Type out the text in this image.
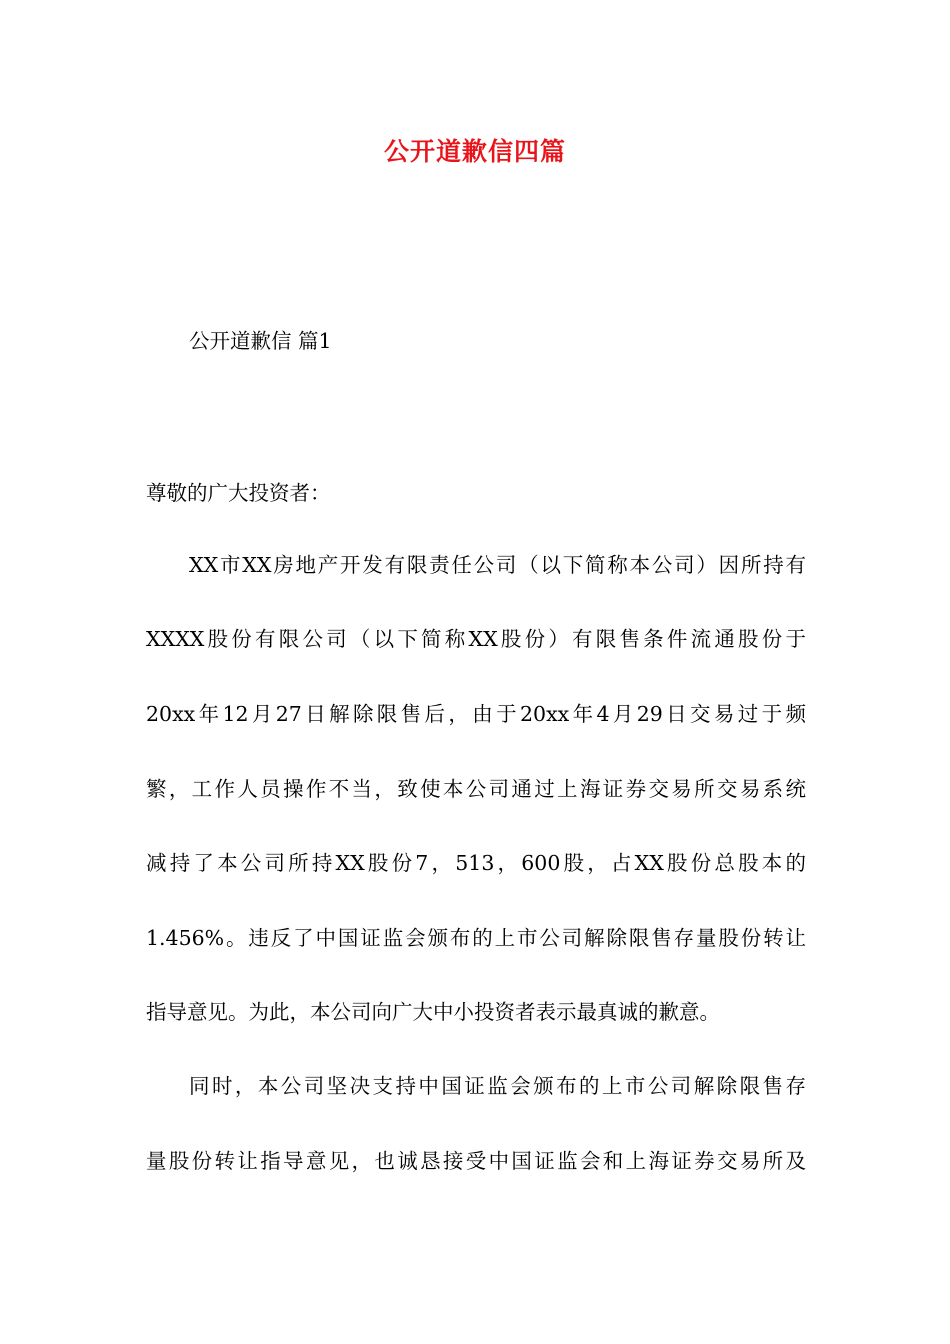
公开道歉信四篇
公开道歉信 篇1
尊敬的广大投资者：
XX市XX房地产开发有限责任公司（以下简称本公司）因所持有
XXXX股份有限公司（以下简称XX股份）有限售条件流通股份于
20xx年12月27日解除限售后，由于20xx年4月29日交易过于频
繁，工作人员操作不当，致使本公司通过上海证券交易所交易系统
减持了本公司所持XX股份7，513，600股，占XX股份总股本的
1.456%。违反了中国证监会颁布的上市公司解除限售存量股份转让
指导意见。为此，本公司向广大中小投资者表示最真诚的歉意。
同时，本公司坚决支持中国证监会颁布的上市公司解除限售存
量股份转让指导意见，也诚恳接受中国证监会和上海证券交易所及
